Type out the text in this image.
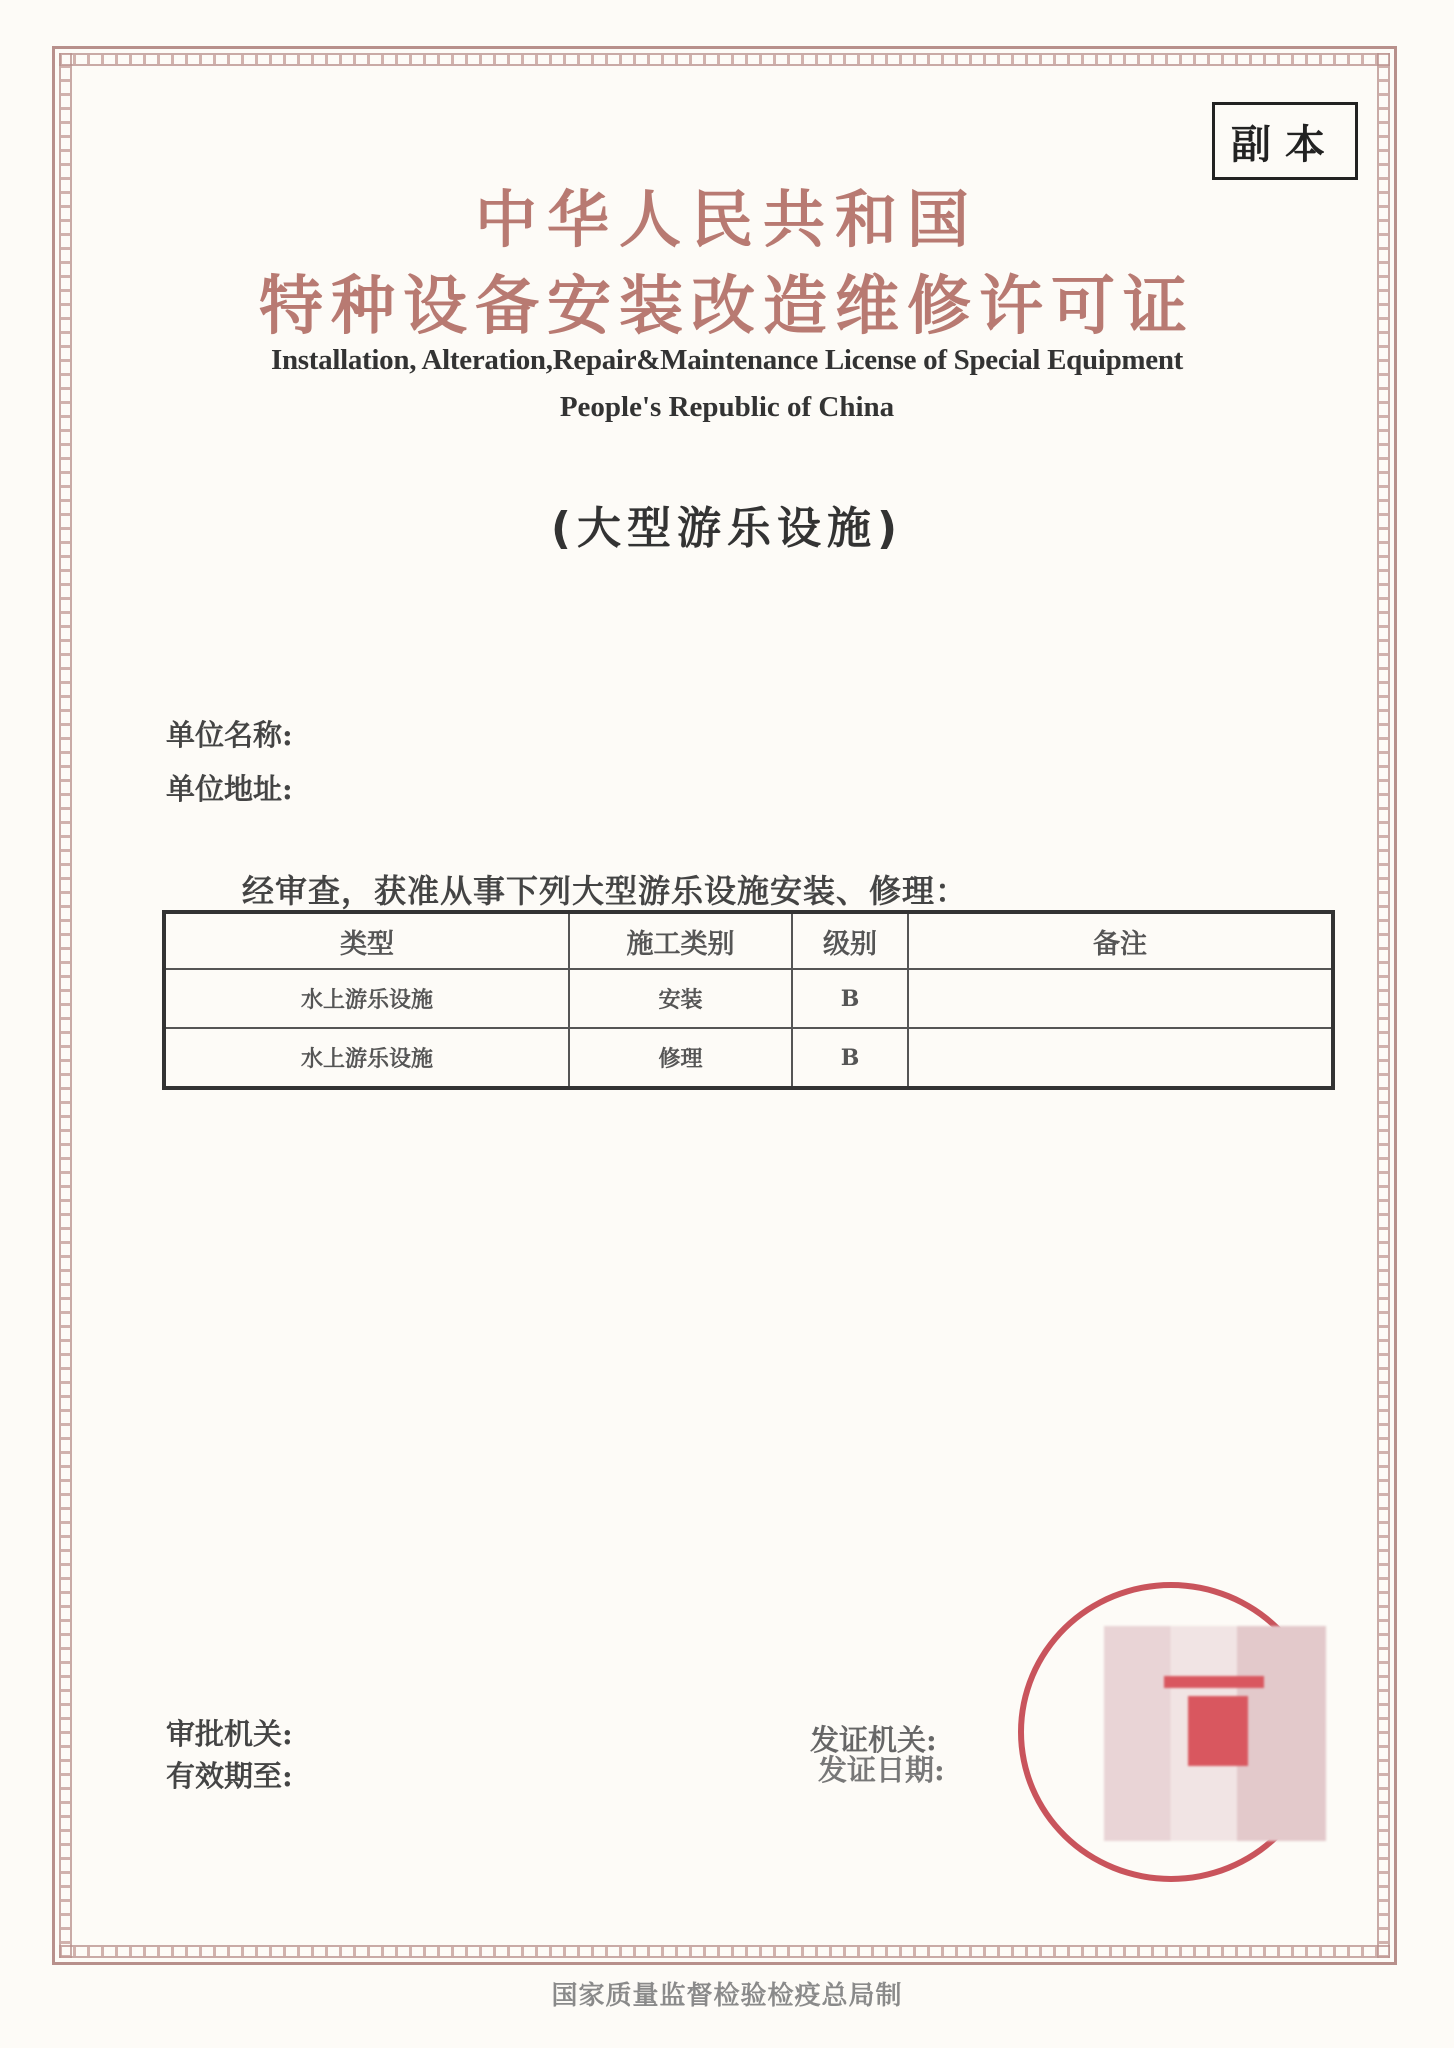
副本
中华人民共和国
特种设备安装改造维修许可证
Installation, Alteration,Repair&Maintenance License of Special Equipment
People's Republic of China
(大型游乐设施)
单位名称:
单位地址:
经审查，获准从事下列大型游乐设施安装、修理：
类型	施工类别	级别	备注
水上游乐设施	安装	B	
水上游乐设施	修理	B	
审批机关:
有效期至:
发证机关:
发证日期:
国家质量监督检验检疫总局制
